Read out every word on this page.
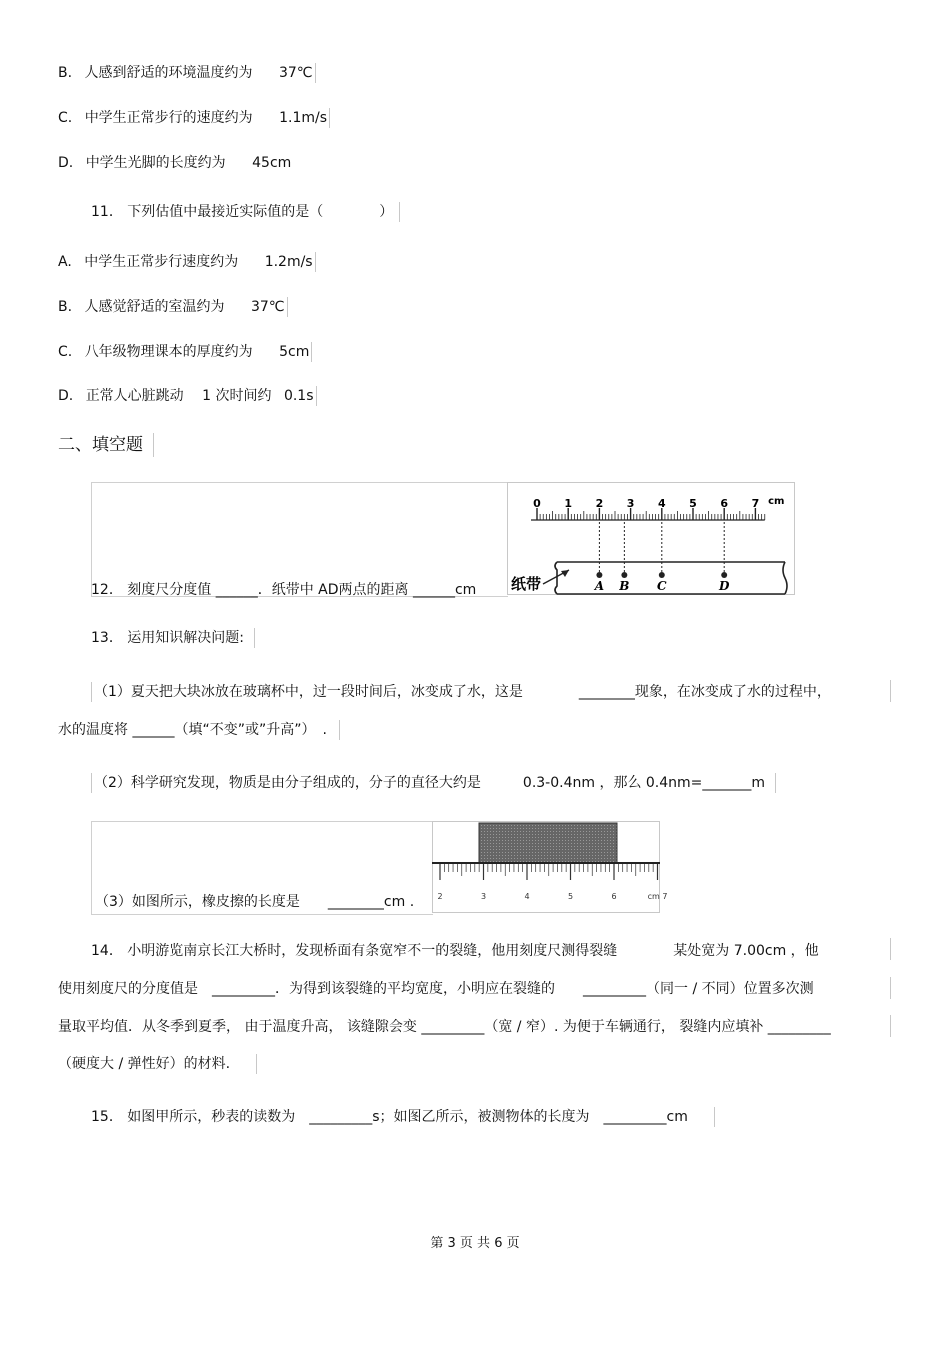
B. 人感到舒适的环境温度约为 37℃
C. 中学生正常步行的速度约为 1.1m/s
D. 中学生光脚的长度约为 45cm
11． 下列估值中最接近实际值的是（　　　　）
A. 中学生正常步行速度约为 1.2m/s
B. 人感觉舒适的室温约为 37℃
C. 八年级物理课本的厚度约为 5cm
D. 正常人心脏跳动 1 次时间约 0.1s
二、填空题
12． 刻度尺分度值 ______．纸带中 AD两点的距离 ______cm
0 1 2 3 4 5 6 7 cm
纸带	A B C	D
13． 运用知识解决问题:
（1）夏天把大块冰放在玻璃杯中，过一段时间后，冰变成了水，这是　　　　________现象，在冰变成了水的过程中，
水的温度将 ______（填“不变”或”升高”）　.
（2）科学研究发现，物质是由分子组成的，分子的直径大约是　　　0.3-0.4nm ，那么 0.4nm=_______m
（3）如图所示，橡皮擦的长度是　　________cm .	2	3	4	5	6	cm 7
14． 小明游览南京长江大桥时，发现桥面有条宽窄不一的裂缝，他用刻度尺测得裂缝　　　　某处宽为 7.00cm ，他
使用刻度尺的分度值是　_________．为得到该裂缝的平均宽度，小明应在裂缝的　　_________（同一 / 不同）位置多次测
量取平均值．从冬季到夏季， 由于温度升高， 该缝隙会变 _________（宽 / 窄）. 为便于车辆通行， 裂缝内应填补 _________
（硬度大 / 弹性好）的材料.
15． 如图甲所示，秒表的读数为　_________s；如图乙所示，被测物体的长度为　_________cm
第 3 页 共 6 页
